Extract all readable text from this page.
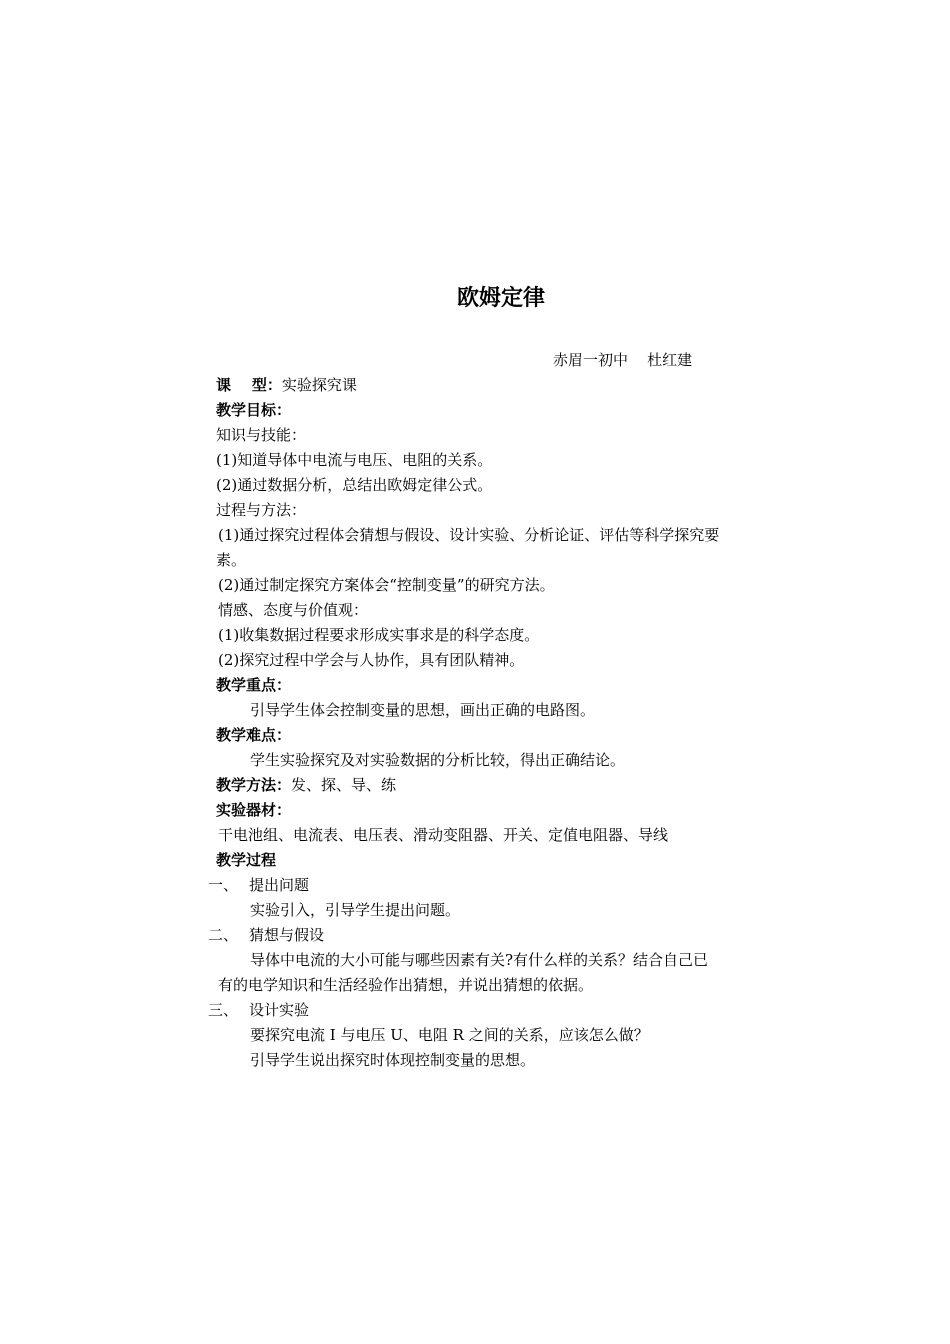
欧姆定律
赤眉一初中    杜红建
课    型：实验探究课
教学目标：
知识与技能：
(1)知道导体中电流与电压、电阻的关系。
(2)通过数据分析，总结出欧姆定律公式。
过程与方法：
(1)通过探究过程体会猜想与假设、设计实验、分析论证、评估等科学探究要
素。
(2)通过制定探究方案体会“控制变量”的研究方法。
情感、态度与价值观：
(1)收集数据过程要求形成实事求是的科学态度。
(2)探究过程中学会与人协作，具有团队精神。
教学重点：
引导学生体会控制变量的思想，画出正确的电路图。
教学难点：
学生实验探究及对实验数据的分析比较，得出正确结论。
教学方法：发、探、导、练
实验器材：
干电池组、电流表、电压表、滑动变阻器、开关、定值电阻器、导线
教学过程
一、 提出问题
实验引入，引导学生提出问题。
二、 猜想与假设
导体中电流的大小可能与哪些因素有关?有什么样的关系？结合自己已
有的电学知识和生活经验作出猜想，并说出猜想的依据。
三、 设计实验
要探究电流 I 与电压 U、电阻 R 之间的关系，应该怎么做？
引导学生说出探究时体现控制变量的思想。
